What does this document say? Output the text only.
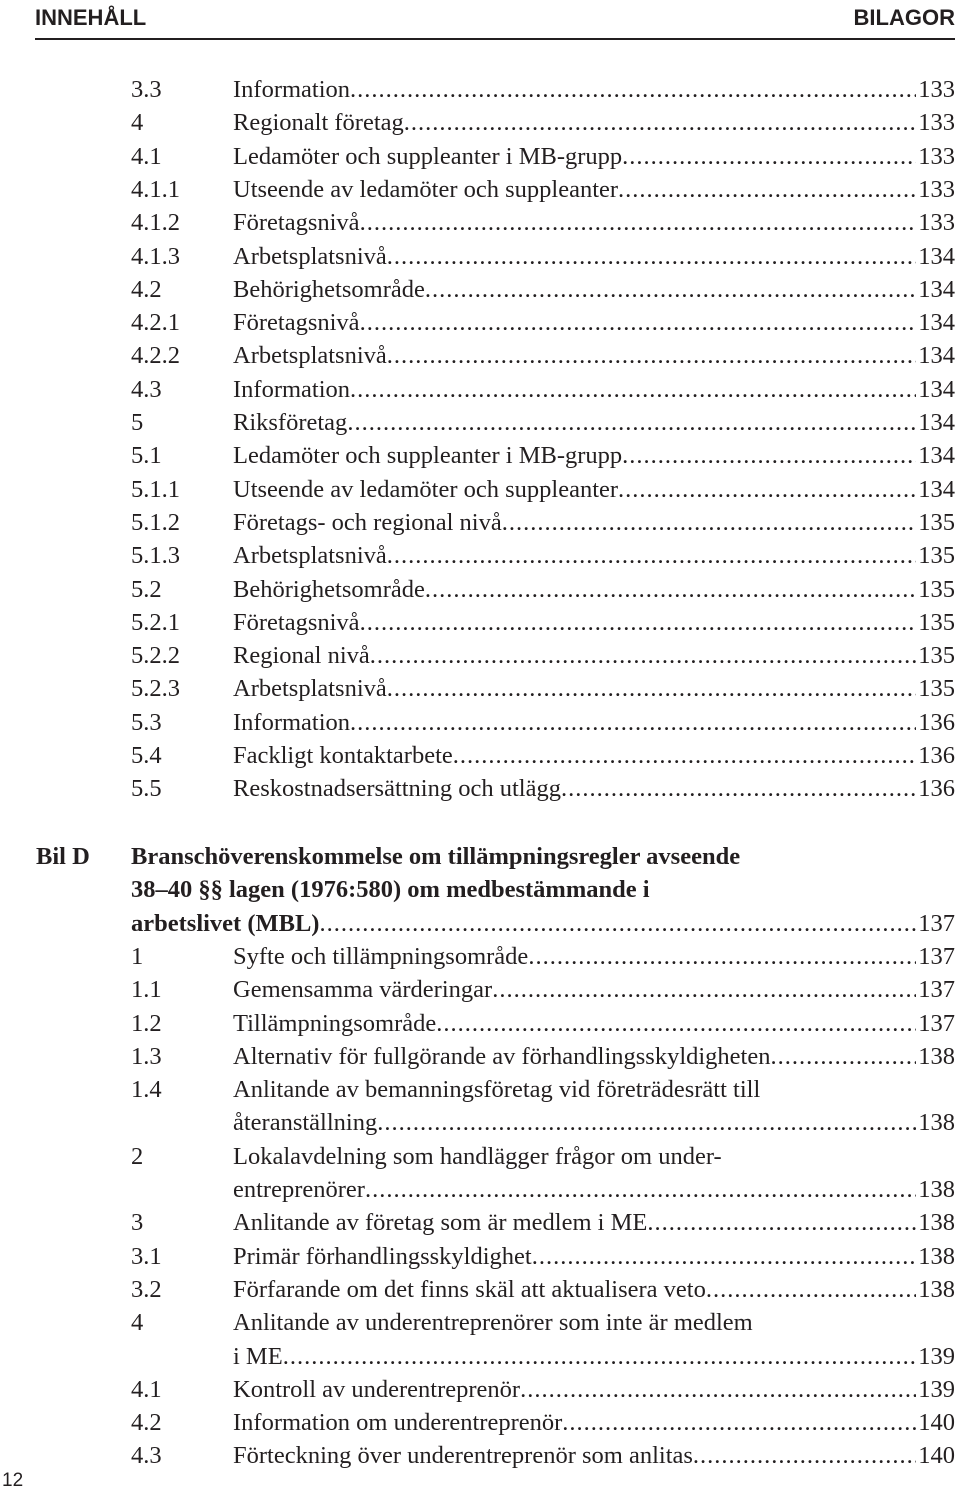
INNEHÅLL	BILAGOR
3.3	Information .....	133
4	Regionalt företag .....	133
4.1	Ledamöter och suppleanter i MB-grupp .....	133
4.1.1 Utseende av ledamöter och suppleanter .....	133
4.1.2 Företagsnivå .....	133
4.1.3 Arbetsplatsnivå .....	134
4.2	Behörighetsområde .....	134
4.2.1 Företagsnivå .....	134
4.2.2 Arbetsplatsnivå .....	134
4.3	Information .....	134
5	Riksföretag .....	134
5.1	Ledamöter och suppleanter i MB-grupp .....	134
5.1.1 Utseende av ledamöter och suppleanter .....	134
5.1.2 Företags- och regional nivå .....	135
5.1.3 Arbetsplatsnivå .....	135
5.2	Behörighetsområde .....	135
5.2.1 Företagsnivå .....	135
5.2.2 Regional nivå .....	135
5.2.3 Arbetsplatsnivå .....	135
5.3	Information .....	136
5.4	Fackligt kontaktarbete .....	136
5.5	Reskostnadsersättning och utlägg .....	136
Bil D Branschöverenskommelse om tillämpningsregler avseende
38–40 §§ lagen (1976:580) om medbestämmande i
arbetslivet (MBL) .....	137
1	Syfte och tillämpningsområde .....	137
1.1	Gemensamma värderingar .....	137
1.2	Tillämpningsområde .....	137
1.3	Alternativ för fullgörande av förhandlingsskyldigheten .....	138
1.4	Anlitande av bemanningsföretag vid företrädesrätt till
återanställning .....	138
2	Lokalavdelning som handlägger frågor om under-
entreprenörer .....	138
3	Anlitande av företag som är medlem i ME .....	138
3.1	Primär förhandlingsskyldighet .....	138
3.2	Förfarande om det finns skäl att aktualisera veto .....	138
4	Anlitande av underentreprenörer som inte är medlem
i ME .....	139
4.1	Kontroll av underentreprenör .....	139
4.2	Information om underentreprenör .....	140
4.3	Förteckning över underentreprenör som anlitas .....	140
12
